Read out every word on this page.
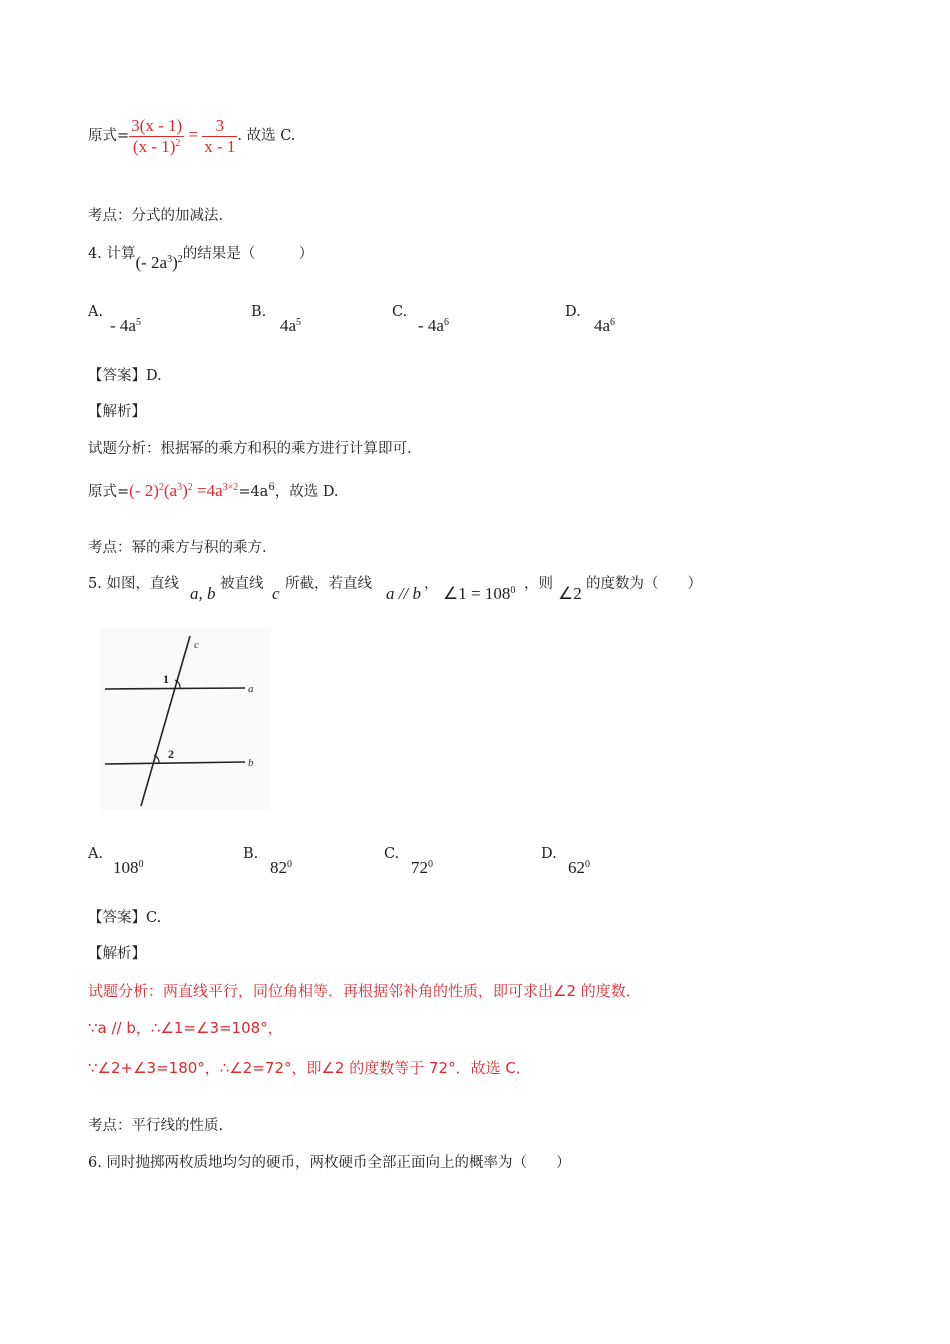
原式= $\frac{3(x - 1)}{(x - 1)^2} = \frac{3}{x - 1}$ . 故选 C.
考点：分式的加减法.
4. 计算(- $2a^3)^2$的结果是（　　　）
A.
- $4a^5$
B.
$4a^5$
C.
- $4a^6$
D.
$4a^6$
【答案】D.
【解析】
试题分析：根据幂的乘方和积的乘方进行计算即可.
原式=(- $2)^2(a^3)^2 =4a^{3\times 2}=4a^6$，故选 D.
考点：幂的乘方与积的乘方.
5. 如图，直线 a, b 被直线 c 所截，若直线 a // b ， ∠1 = $108^0$ ，则 ∠2 的度数为（　　）
c
a
b
1
2
A.
$108^0$
B.
$82^0$
C.
$72^0$
D.
$62^0$
【答案】C.
【解析】
试题分析：两直线平行，同位角相等．再根据邻补角的性质，即可求出∠2 的度数．
∵a // b，∴∠1=∠3=108°，
∵∠2+∠3=180°，∴∠2=72°，即∠2 的度数等于 72°．故选 C．
考点：平行线的性质.
6. 同时抛掷两枚质地均匀的硬币，两枚硬币全部正面向上的概率为（　　）
